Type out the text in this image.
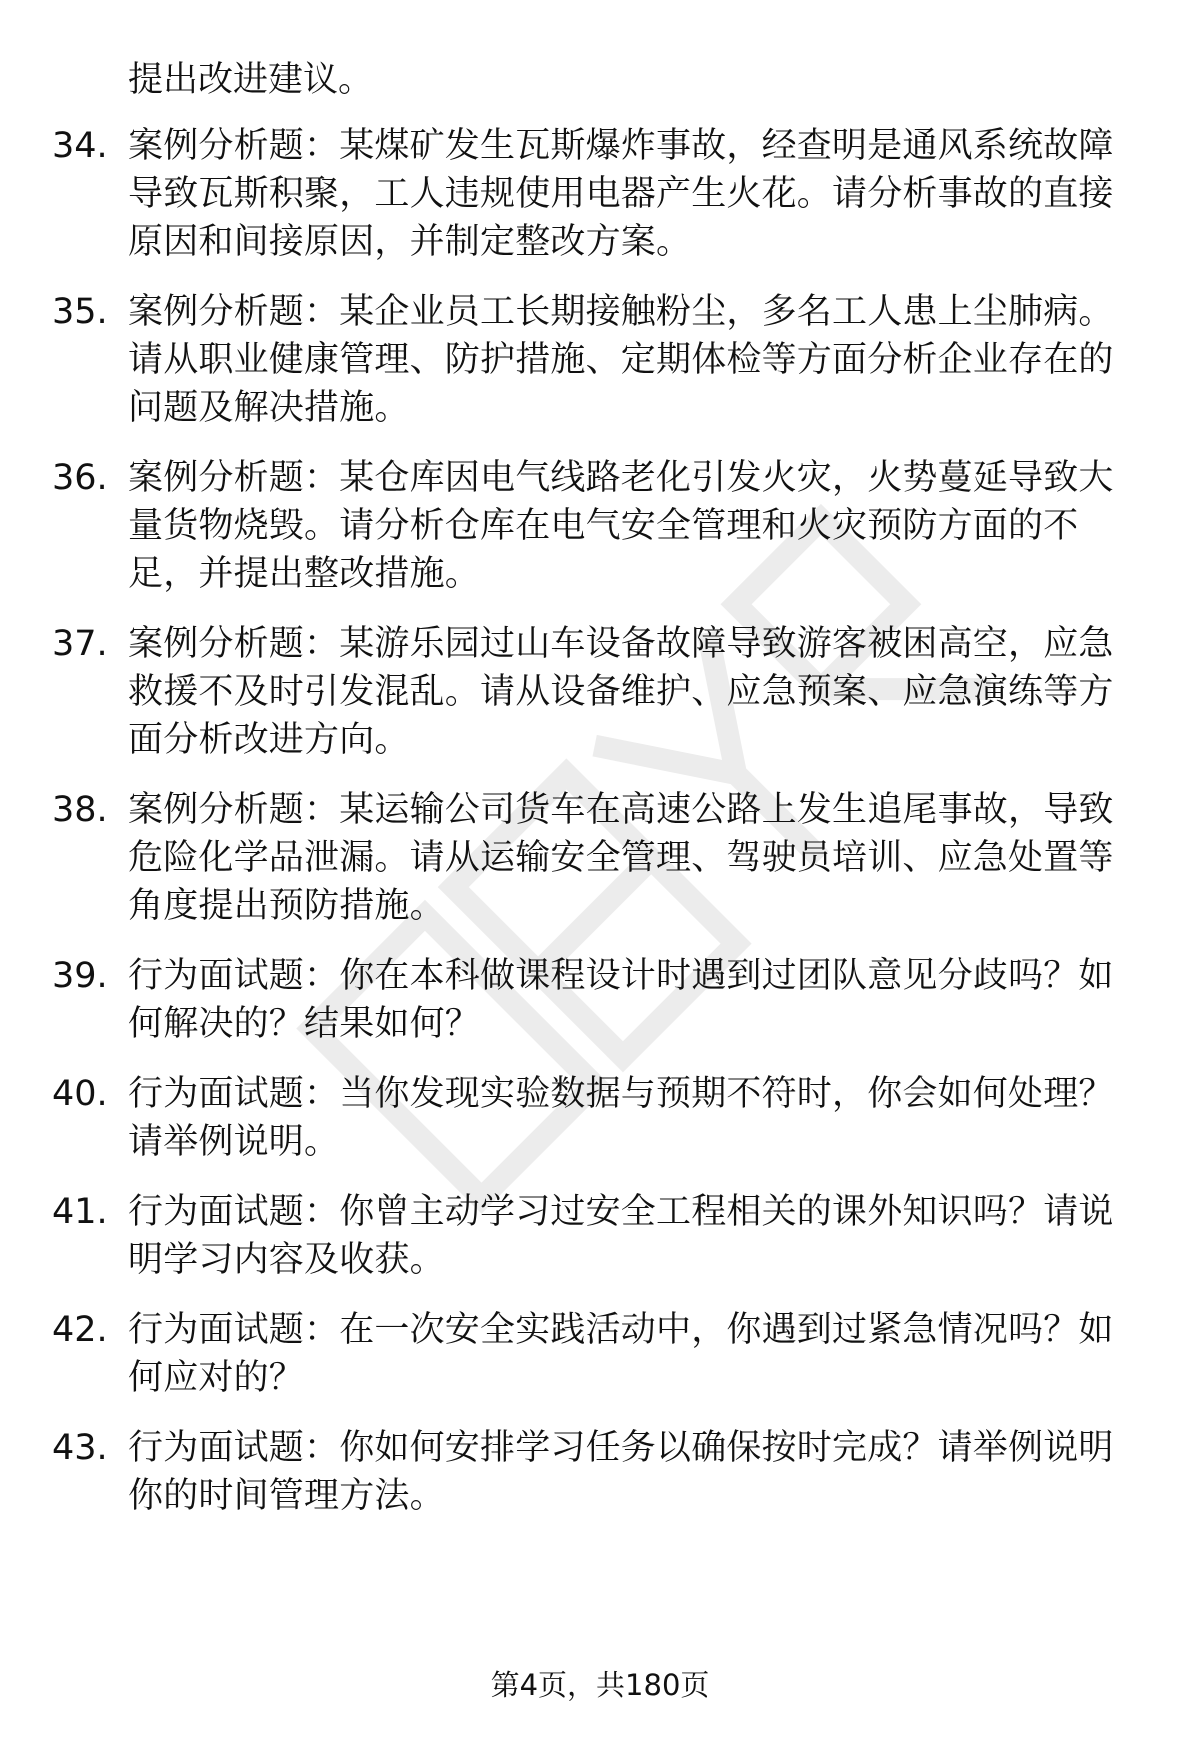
提出改进建议。
34. 案例分析题：某煤矿发生瓦斯爆炸事故，经查明是通风系统故障导致瓦斯积聚，工人违规使用电器产生火花。请分析事故的直接原因和间接原因，并制定整改方案。
35. 案例分析题：某企业员工长期接触粉尘，多名工人患上尘肺病。请从职业健康管理、防护措施、定期体检等方面分析企业存在的问题及解决措施。
36. 案例分析题：某仓库因电气线路老化引发火灾，火势蔓延导致大量货物烧毁。请分析仓库在电气安全管理和火灾预防方面的不足，并提出整改措施。
37. 案例分析题：某游乐园过山车设备故障导致游客被困高空，应急救援不及时引发混乱。请从设备维护、应急预案、应急演练等方面分析改进方向。
38. 案例分析题：某运输公司货车在高速公路上发生追尾事故，导致危险化学品泄漏。请从运输安全管理、驾驶员培训、应急处置等角度提出预防措施。
39. 行为面试题：你在本科做课程设计时遇到过团队意见分歧吗？如何解决的？结果如何？
40. 行为面试题：当你发现实验数据与预期不符时，你会如何处理？请举例说明。
41. 行为面试题：你曾主动学习过安全工程相关的课外知识吗？请说明学习内容及收获。
42. 行为面试题：在一次安全实践活动中，你遇到过紧急情况吗？如何应对的？
43. 行为面试题：你如何安排学习任务以确保按时完成？请举例说明你的时间管理方法。
第4页，共180页
